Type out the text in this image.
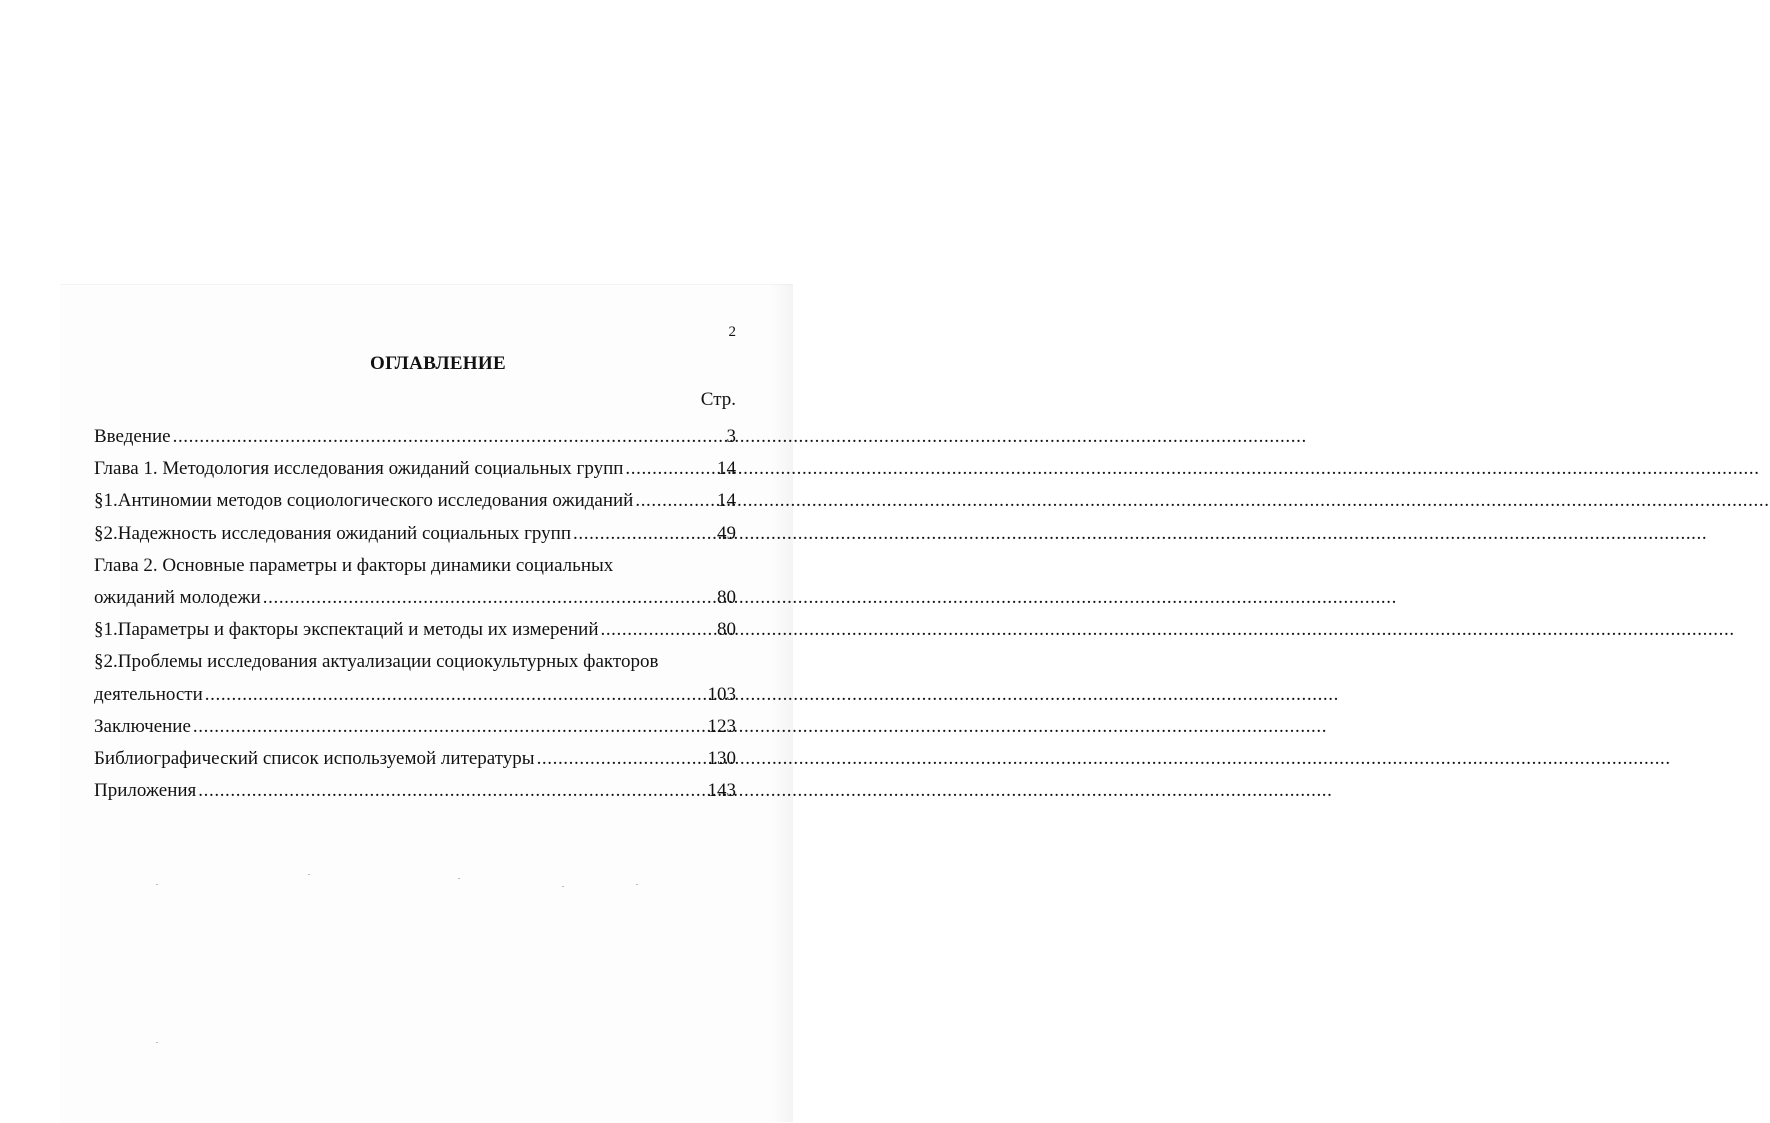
2
ОГЛАВЛЕНИЕ
Стр.
Введение .....	3
Глава 1. Методология исследования ожиданий социальных групп .....	14
§1.Антиномии методов социологического исследования ожиданий .....	14
§2.Надежность исследования ожиданий социальных групп .....	49
Глава 2. Основные параметры и факторы динамики социальных
ожиданий молодежи .....	80
§1.Параметры и факторы экспектаций и методы их измерений .....	80
§2.Проблемы исследования актуализации социокультурных факторов
деятельности .....	103
Заключение .....	123
Библиографический список используемой литературы .....	130
Приложения .....	143
